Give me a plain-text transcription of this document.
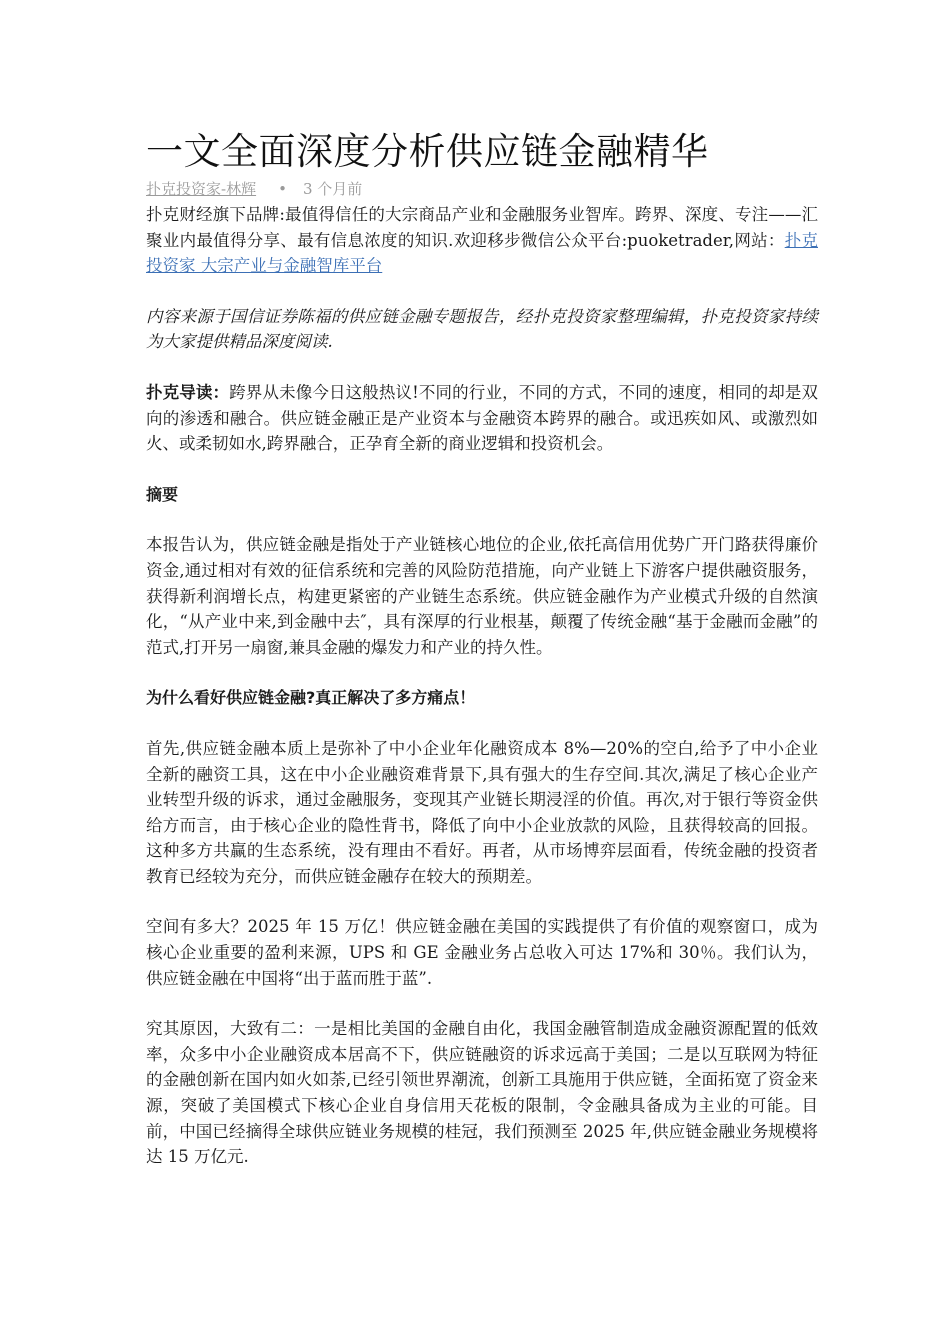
一文全面深度分析供应链金融精华
扑克投资家-林辉 • 3 个月前

扑克财经旗下品牌:最值得信任的大宗商品产业和金融服务业智库。跨界、深度、专注——汇聚业内最值得分享、最有信息浓度的知识.欢迎移步微信公众平台:puoketrader,网站：扑克投资家 大宗产业与金融智库平台

内容来源于国信证券陈福的供应链金融专题报告，经扑克投资家整理编辑，扑克投资家持续为大家提供精品深度阅读.

扑克导读：跨界从未像今日这般热议!不同的行业，不同的方式，不同的速度，相同的却是双向的渗透和融合。供应链金融正是产业资本与金融资本跨界的融合。或迅疾如风、或激烈如火、或柔韧如水,跨界融合，正孕育全新的商业逻辑和投资机会。

摘要

本报告认为，供应链金融是指处于产业链核心地位的企业,依托高信用优势广开门路获得廉价资金,通过相对有效的征信系统和完善的风险防范措施，向产业链上下游客户提供融资服务，获得新利润增长点，构建更紧密的产业链生态系统。供应链金融作为产业模式升级的自然演化，“从产业中来,到金融中去″，具有深厚的行业根基，颠覆了传统金融“基于金融而金融”的范式,打开另一扇窗,兼具金融的爆发力和产业的持久性。

为什么看好供应链金融?真正解决了多方痛点！

首先,供应链金融本质上是弥补了中小企业年化融资成本 8%—20%的空白,给予了中小企业全新的融资工具，这在中小企业融资难背景下,具有强大的生存空间.其次,满足了核心企业产业转型升级的诉求，通过金融服务，变现其产业链长期浸淫的价值。再次,对于银行等资金供给方而言，由于核心企业的隐性背书，降低了向中小企业放款的风险，且获得较高的回报。这种多方共赢的生态系统，没有理由不看好。再者，从市场博弈层面看，传统金融的投资者教育已经较为充分，而供应链金融存在较大的预期差。

空间有多大？2025 年 15 万亿！供应链金融在美国的实践提供了有价值的观察窗口，成为核心企业重要的盈利来源，UPS 和 GE 金融业务占总收入可达 17%和 30％。我们认为，供应链金融在中国将“出于蓝而胜于蓝”.

究其原因，大致有二：一是相比美国的金融自由化，我国金融管制造成金融资源配置的低效率，众多中小企业融资成本居高不下，供应链融资的诉求远高于美国；二是以互联网为特征的金融创新在国内如火如荼,已经引领世界潮流，创新工具施用于供应链，全面拓宽了资金来源，突破了美国模式下核心企业自身信用天花板的限制，令金融具备成为主业的可能。目前，中国已经摘得全球供应链业务规模的桂冠，我们预测至 2025 年,供应链金融业务规模将达 15 万亿元.
